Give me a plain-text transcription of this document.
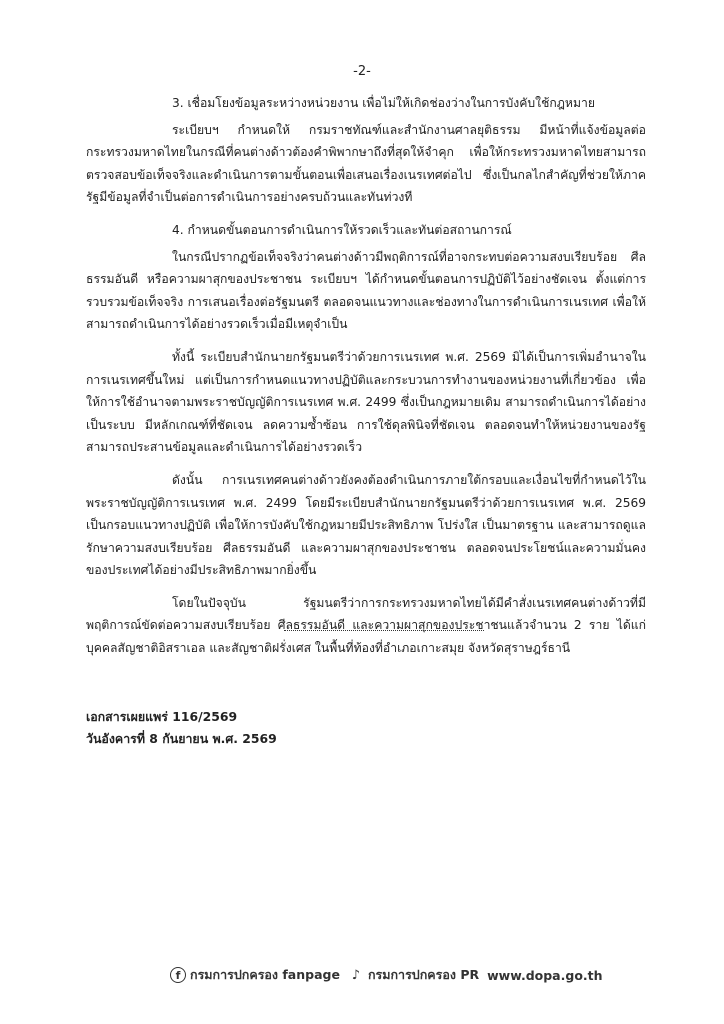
-2-

3. เชื่อมโยงข้อมูลระหว่างหน่วยงาน เพื่อไม่ให้เกิดช่องว่างในการบังคับใช้กฎหมาย

ระเบียบฯ กำหนดให้ กรมราชทัณฑ์และสำนักงานศาลยุติธรรม มีหน้าที่แจ้งข้อมูลต่อกระทรวงมหาดไทยในกรณีที่คนต่างด้าวต้องคำพิพากษาถึงที่สุดให้จำคุก เพื่อให้กระทรวงมหาดไทยสามารถตรวจสอบข้อเท็จจริงและดำเนินการตามขั้นตอนเพื่อเสนอเรื่องเนรเทศต่อไป ซึ่งเป็นกลไกสำคัญที่ช่วยให้ภาครัฐมีข้อมูลที่จำเป็นต่อการดำเนินการอย่างครบถ้วนและทันท่วงที

4. กำหนดขั้นตอนการดำเนินการให้รวดเร็วและทันต่อสถานการณ์

ในกรณีปรากฏข้อเท็จจริงว่าคนต่างด้าวมีพฤติการณ์ที่อาจกระทบต่อความสงบเรียบร้อย ศีลธรรมอันดี หรือความผาสุกของประชาชน ระเบียบฯ ได้กำหนดขั้นตอนการปฏิบัติไว้อย่างชัดเจน ตั้งแต่การรวบรวมข้อเท็จจริง การเสนอเรื่องต่อรัฐมนตรี ตลอดจนแนวทางและช่องทางในการดำเนินการเนรเทศ เพื่อให้สามารถดำเนินการได้อย่างรวดเร็วเมื่อมีเหตุจำเป็น

ทั้งนี้ ระเบียบสำนักนายกรัฐมนตรีว่าด้วยการเนรเทศ พ.ศ. 2569 มิได้เป็นการเพิ่มอำนาจในการเนรเทศขึ้นใหม่ แต่เป็นการกำหนดแนวทางปฏิบัติและกระบวนการทำงานของหน่วยงานที่เกี่ยวข้อง เพื่อให้การใช้อำนาจตามพระราชบัญญัติการเนรเทศ พ.ศ. 2499 ซึ่งเป็นกฎหมายเดิม สามารถดำเนินการได้อย่างเป็นระบบ มีหลักเกณฑ์ที่ชัดเจน ลดความซ้ำซ้อน การใช้ดุลพินิจที่ชัดเจน ตลอดจนทำให้หน่วยงานของรัฐสามารถประสานข้อมูลและดำเนินการได้อย่างรวดเร็ว

ดังนั้น การเนรเทศคนต่างด้าวยังคงต้องดำเนินการภายใต้กรอบและเงื่อนไขที่กำหนดไว้ในพระราชบัญญัติการเนรเทศ พ.ศ. 2499 โดยมีระเบียบสำนักนายกรัฐมนตรีว่าด้วยการเนรเทศ พ.ศ. 2569 เป็นกรอบแนวทางปฏิบัติ เพื่อให้การบังคับใช้กฎหมายมีประสิทธิภาพ โปร่งใส เป็นมาตรฐาน และสามารถดูแลรักษาความสงบเรียบร้อย ศีลธรรมอันดี และความผาสุกของประชาชน ตลอดจนประโยชน์และความมั่นคงของประเทศได้อย่างมีประสิทธิภาพมากยิ่งขึ้น

โดยในปัจจุบัน รัฐมนตรีว่าการกระทรวงมหาดไทยได้มีคำสั่งเนรเทศคนต่างด้าวที่มีพฤติการณ์ขัดต่อความสงบเรียบร้อย ศีลธรรมอันดี และความผาสุกของประชาชนแล้วจำนวน 2 ราย ได้แก่ บุคคลสัญชาติอิสราเอล และสัญชาติฝรั่งเศส ในพื้นที่ท้องที่อำเภอเกาะสมุย จังหวัดสุราษฎร์ธานี

เอกสารเผยแพร่ 116/2569
วันอังคารที่ 8 กันยายน พ.ศ. 2569
f กรมการปกครอง fanpage ♪ กรมการปกครอง PR www.dopa.go.th
